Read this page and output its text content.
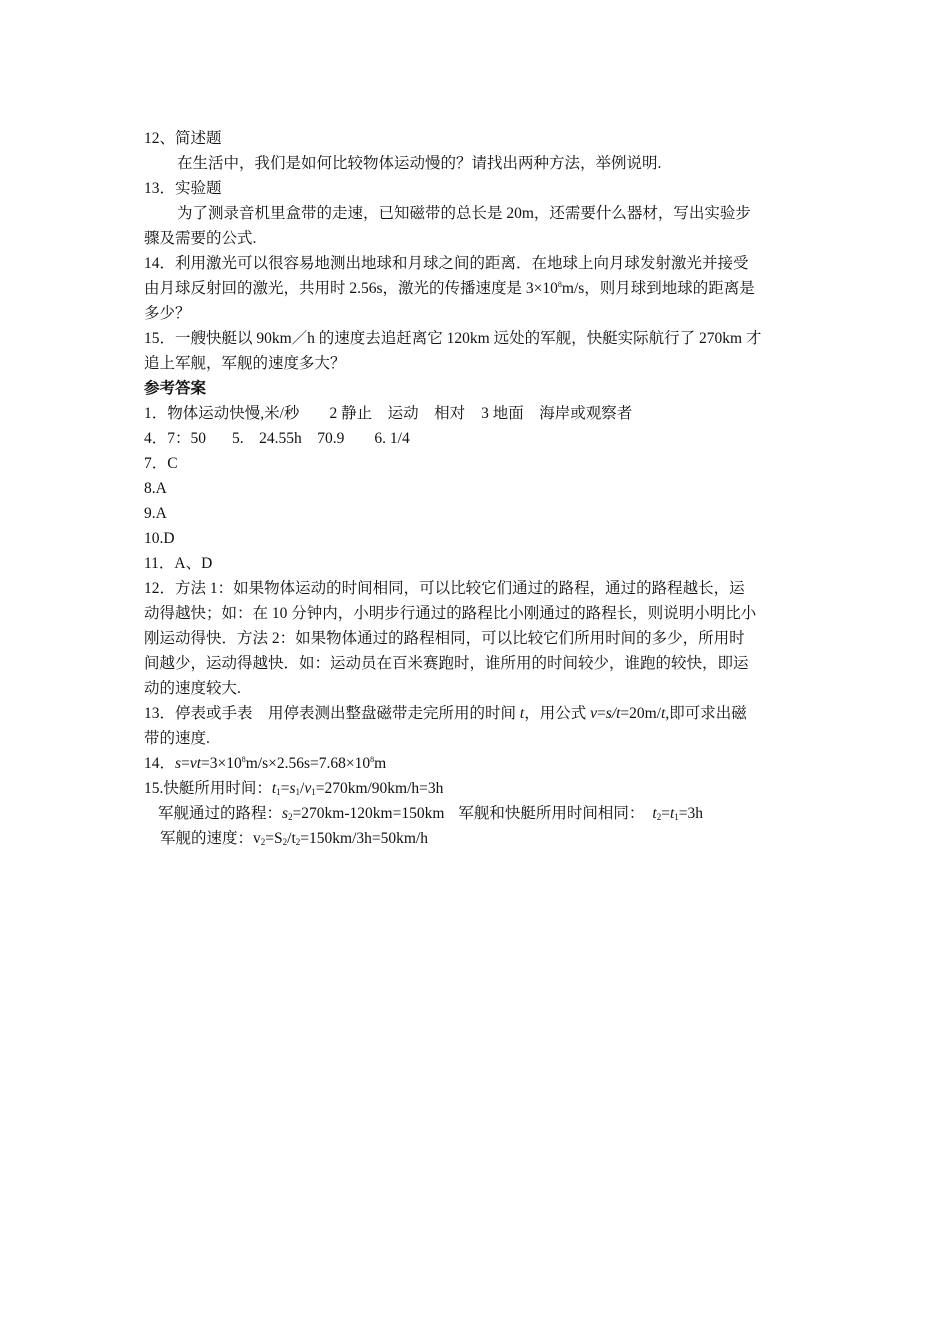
12、简述题
在生活中，我们是如何比较物体运动慢的？请找出两种方法，举例说明.
13．实验题
为了测录音机里盒带的走速，已知磁带的总长是 20m，还需要什么器材，写出实验步
骤及需要的公式.
14．利用激光可以很容易地测出地球和月球之间的距离．在地球上向月球发射激光并接受
由月球反射回的激光，共用时 2.56s，激光的传播速度是 $3\times 10^8m/s$，则月球到地球的距离是
多少？
15．一艘快艇以 90km／h 的速度去追赶离它 120km 远处的军舰，快艇实际航行了 270km 才
追上军舰，军舰的速度多大？
参考答案
1．物体运动快慢,米/秒 2 静止　运动　相对 3 地面　海岸或观察者
4．7：50 5.　24.55h　70.9 6. 1/4
7．C
8.A
9.A
10.D
11．A、D
12．方法 1：如果物体运动的时间相同，可以比较它们通过的路程，通过的路程越长，运
动得越快；如：在 10 分钟内，小明步行通过的路程比小刚通过的路程长，则说明小明比小
刚运动得快．方法 2：如果物体通过的路程相同，可以比较它们所用时间的多少，所用时
间越少，运动得越快．如：运动员在百米赛跑时，谁所用的时间较少，谁跑的较快，即运
动的速度较大.
13．停表或手表　用停表测出整盘磁带走完所用的时间 t，用公式 v=s/t=20m/t,即可求出磁
带的速度.
14．$s=vt=3\times 10^8m/s\times 2.56s=7.68\times 10^8m$
15.快艇所用时间：$t_1=s_1/v_1=270km/90km/h=3h$
军舰通过的路程：$s_2=270km-120km=150km$ 军舰和快艇所用时间相同： $t_2=t_1=3h$
军舰的速度：$v_2=S_2/t_2=150km/3h=50km/h$
